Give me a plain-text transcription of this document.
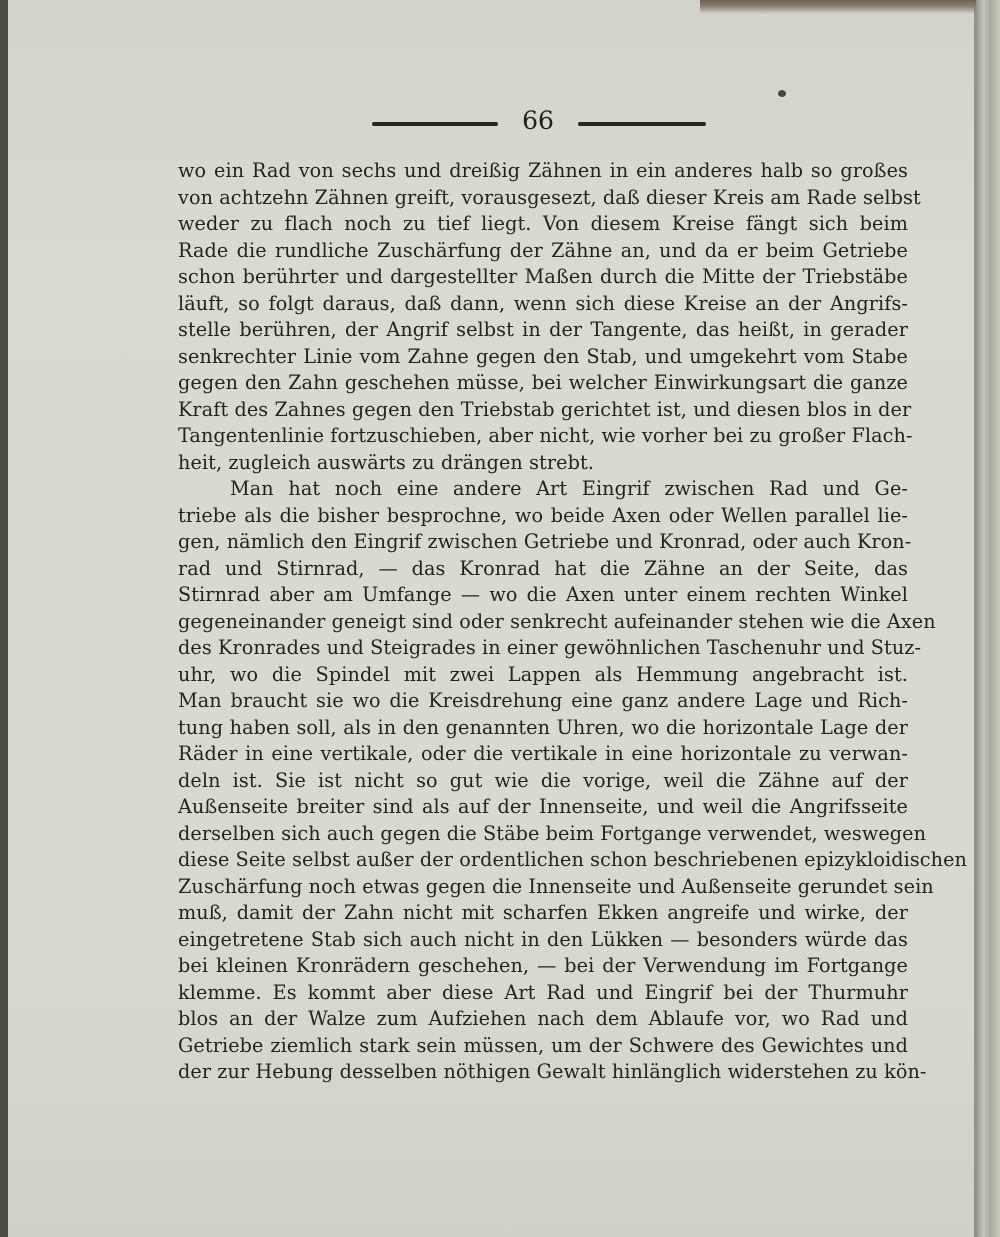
66
wo ein Rad von sechs und dreißig Zähnen in ein anderes halb so großes
von achtzehn Zähnen greift, vorausgesezt, daß dieser Kreis am Rade selbst
weder zu flach noch zu tief liegt. Von diesem Kreise fängt sich beim
Rade die rundliche Zuschärfung der Zähne an, und da er beim Getriebe
schon berührter und dargestellter Maßen durch die Mitte der Triebstäbe
läuft, so folgt daraus, daß dann, wenn sich diese Kreise an der Angrifs-
stelle berühren, der Angrif selbst in der Tangente, das heißt, in gerader
senkrechter Linie vom Zahne gegen den Stab, und umgekehrt vom Stabe
gegen den Zahn geschehen müsse, bei welcher Einwirkungsart die ganze
Kraft des Zahnes gegen den Triebstab gerichtet ist, und diesen blos in der
Tangentenlinie fortzuschieben, aber nicht, wie vorher bei zu großer Flach-
heit, zugleich auswärts zu drängen strebt.
Man hat noch eine andere Art Eingrif zwischen Rad und Ge-
triebe als die bisher besprochne, wo beide Axen oder Wellen parallel lie-
gen, nämlich den Eingrif zwischen Getriebe und Kronrad, oder auch Kron-
rad und Stirnrad, — das Kronrad hat die Zähne an der Seite, das
Stirnrad aber am Umfange — wo die Axen unter einem rechten Winkel
gegeneinander geneigt sind oder senkrecht aufeinander stehen wie die Axen
des Kronrades und Steigrades in einer gewöhnlichen Taschenuhr und Stuz-
uhr, wo die Spindel mit zwei Lappen als Hemmung angebracht ist.
Man braucht sie wo die Kreisdrehung eine ganz andere Lage und Rich-
tung haben soll, als in den genannten Uhren, wo die horizontale Lage der
Räder in eine vertikale, oder die vertikale in eine horizontale zu verwan-
deln ist. Sie ist nicht so gut wie die vorige, weil die Zähne auf der
Außenseite breiter sind als auf der Innenseite, und weil die Angrifsseite
derselben sich auch gegen die Stäbe beim Fortgange verwendet, weswegen
diese Seite selbst außer der ordentlichen schon beschriebenen epizykloidischen
Zuschärfung noch etwas gegen die Innenseite und Außenseite gerundet sein
muß, damit der Zahn nicht mit scharfen Ekken angreife und wirke, der
eingetretene Stab sich auch nicht in den Lükken — besonders würde das
bei kleinen Kronrädern geschehen, — bei der Verwendung im Fortgange
klemme. Es kommt aber diese Art Rad und Eingrif bei der Thurmuhr
blos an der Walze zum Aufziehen nach dem Ablaufe vor, wo Rad und
Getriebe ziemlich stark sein müssen, um der Schwere des Gewichtes und
der zur Hebung desselben nöthigen Gewalt hinlänglich widerstehen zu kön-
